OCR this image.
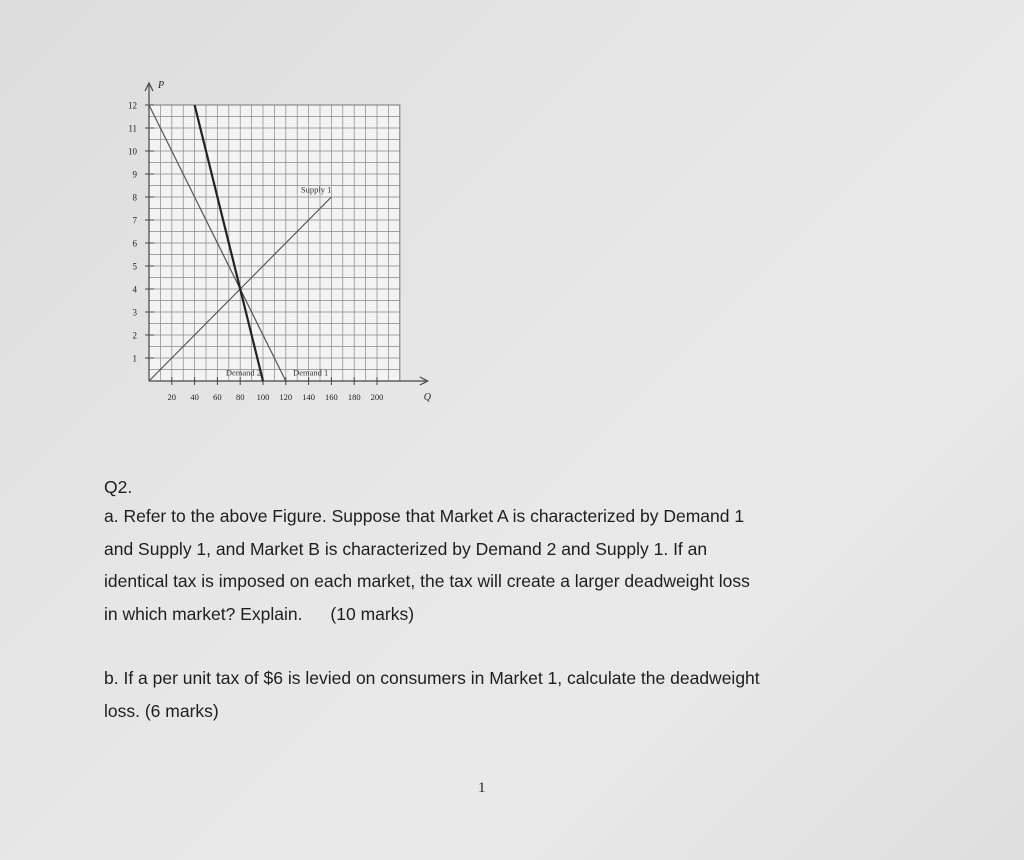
1
2
3
4
5
6
7
8
9
10
11
12
20 40 60 80 100 120 140 160 180 200
P
Q
Supply 1
Demand 1
Demand 2
Q2.
a. Refer to the above Figure. Suppose that Market A is characterized by Demand 1
and Supply 1, and Market B is characterized by Demand 2 and Supply 1. If an
identical tax is imposed on each market, the tax will create a larger deadweight loss
in which market? Explain. (10 marks)
b. If a per unit tax of $6 is levied on consumers in Market 1, calculate the deadweight
loss. (6 marks)
1
